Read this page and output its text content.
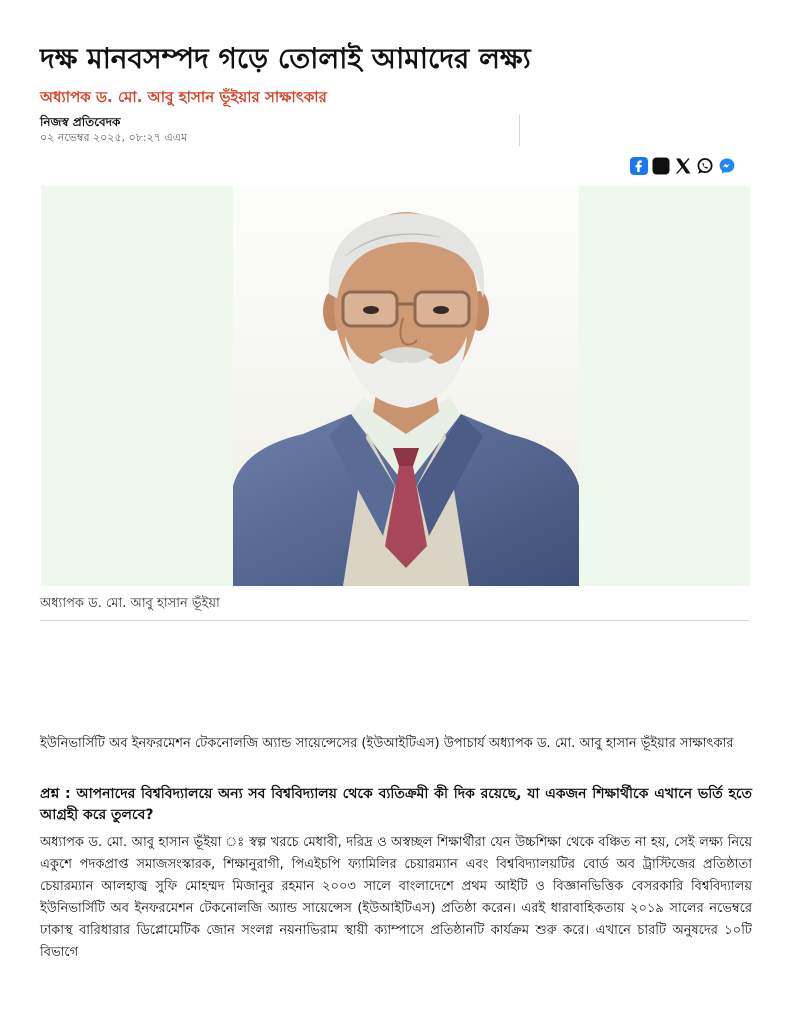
দক্ষ মানবসম্পদ গড়ে তোলাই আমাদের লক্ষ্য
অধ্যাপক ড. মো. আবু হাসান ভূঁইয়ার সাক্ষাৎকার
নিজস্ব প্রতিবেদক
০২ নভেম্বর ২০২৫, ০৮:২৭ এএম
অধ্যাপক ড. মো. আবু হাসান ভূঁইয়া

ইউনিভার্সিটি অব ইনফরমেশন টেকনোলজি অ্যান্ড সায়েন্সেসের (ইউআইটিএস) উপাচার্য অধ্যাপক ড. মো. আবু হাসান ভূঁইয়ার সাক্ষাৎকার

প্রশ্ন : আপনাদের বিশ্ববিদ্যালয়ে অন্য সব বিশ্ববিদ্যালয় থেকে ব্যতিক্রমী কী দিক রয়েছে, যা একজন শিক্ষার্থীকে এখানে ভর্তি হতে আগ্রহী করে তুলবে?

অধ্যাপক ড. মো. আবু হাসান ভূঁইয়া ঃ স্বল্প খরচে মেধাবী, দরিদ্র ও অস্বচ্ছল শিক্ষার্থীরা যেন উচ্চশিক্ষা থেকে বঞ্চিত না হয়, সেই লক্ষ্য নিয়ে একুশে পদকপ্রাপ্ত সমাজসংস্কারক, শিক্ষানুরাগী, পিএইচপি ফ্যামিলির চেয়ারম্যান এবং বিশ্ববিদ্যালয়টির বোর্ড অব ট্রাস্টিজের প্রতিষ্ঠাতা চেয়ারম্যান আলহাজ্ব সুফি মোহম্মদ মিজানুর রহমান ২০০৩ সালে বাংলাদেশে প্রথম আইটি ও বিজ্ঞানভিত্তিক বেসরকারি বিশ্ববিদ্যালয় ইউনিভার্সিটি অব ইনফরমেশন টেকনোলজি অ্যান্ড সায়েন্সেস (ইউআইটিএস) প্রতিষ্ঠা করেন। এরই ধারাবাহিকতায় ২০১৯ সালের নভেম্বরে ঢাকাস্থ বারিধারার ডিপ্লোমেটিক জোন সংলগ্ন নয়নাভিরাম স্থায়ী ক্যাম্পাসে প্রতিষ্ঠানটি কার্যক্রম শুরু করে। এখানে চারটি অনুষদের ১০টি বিভাগে
